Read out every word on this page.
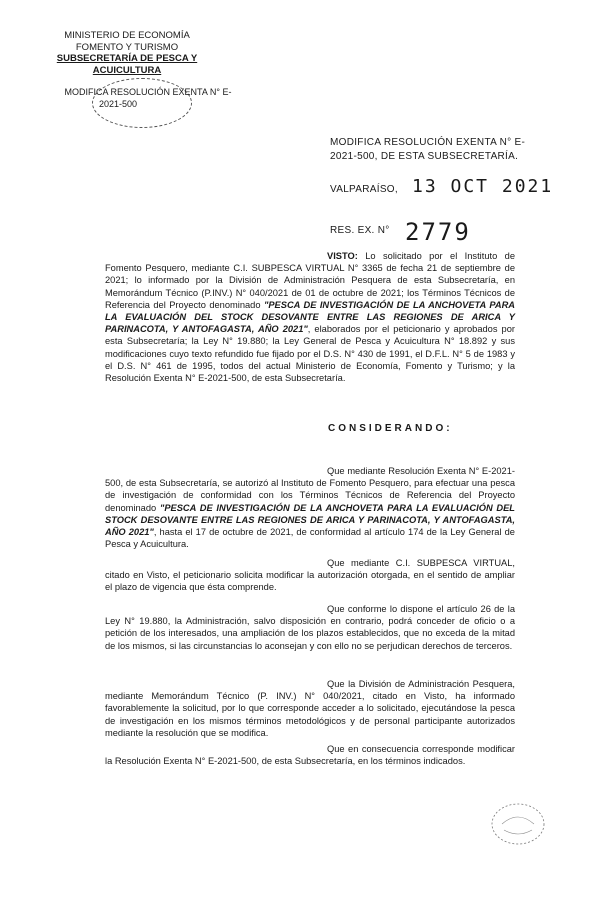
MINISTERIO DE ECONOMÍA
FOMENTO Y TURISMO
SUBSECRETARÍA DE PESCA Y
ACUICULTURA
MODIFICA RESOLUCIÓN EXENTA N° E-
2021-500
MODIFICA RESOLUCIÓN EXENTA N° E-
2021-500, DE ESTA SUBSECRETARÍA.
VALPARAÍSO, 13 OCT 2021
RES. EX. N° 2779
VISTO: Lo solicitado por el Instituto de Fomento Pesquero, mediante C.I. SUBPESCA VIRTUAL N° 3365 de fecha 21 de septiembre de 2021; lo informado por la División de Administración Pesquera de esta Subsecretaría, en Memorándum Técnico (P.INV.) N° 040/2021 de 01 de octubre de 2021; los Términos Técnicos de Referencia del Proyecto denominado "PESCA DE INVESTIGACIÓN DE LA ANCHOVETA PARA LA EVALUACIÓN DEL STOCK DESOVANTE ENTRE LAS REGIONES DE ARICA Y PARINACOTA, Y ANTOFAGASTA, AÑO 2021", elaborados por el peticionario y aprobados por esta Subsecretaría; la Ley N° 19.880; la Ley General de Pesca y Acuicultura N° 18.892 y sus modificaciones cuyo texto refundido fue fijado por el D.S. N° 430 de 1991, el D.F.L. N° 5 de 1983 y el D.S. N° 461 de 1995, todos del actual Ministerio de Economía, Fomento y Turismo; y la Resolución Exenta N° E-2021-500, de esta Subsecretaría.
CONSIDERANDO:
Que mediante Resolución Exenta N° E-2021-500, de esta Subsecretaría, se autorizó al Instituto de Fomento Pesquero, para efectuar una pesca de investigación de conformidad con los Términos Técnicos de Referencia del Proyecto denominado "PESCA DE INVESTIGACIÓN DE LA ANCHOVETA PARA LA EVALUACIÓN DEL STOCK DESOVANTE ENTRE LAS REGIONES DE ARICA Y PARINACOTA, Y ANTOFAGASTA, AÑO 2021", hasta el 17 de octubre de 2021, de conformidad al artículo 174 de la Ley General de Pesca y Acuicultura.
Que mediante C.I. SUBPESCA VIRTUAL, citado en Visto, el peticionario solicita modificar la autorización otorgada, en el sentido de ampliar el plazo de vigencia que ésta comprende.
Que conforme lo dispone el artículo 26 de la Ley N° 19.880, la Administración, salvo disposición en contrario, podrá conceder de oficio o a petición de los interesados, una ampliación de los plazos establecidos, que no exceda de la mitad de los mismos, si las circunstancias lo aconsejan y con ello no se perjudican derechos de terceros.
Que la División de Administración Pesquera, mediante Memorándum Técnico (P. INV.) N° 040/2021, citado en Visto, ha informado favorablemente la solicitud, por lo que corresponde acceder a lo solicitado, ejecutándose la pesca de investigación en los mismos términos metodológicos y de personal participante autorizados mediante la resolución que se modifica.
Que en consecuencia corresponde modificar la Resolución Exenta N° E-2021-500, de esta Subsecretaría, en los términos indicados.
